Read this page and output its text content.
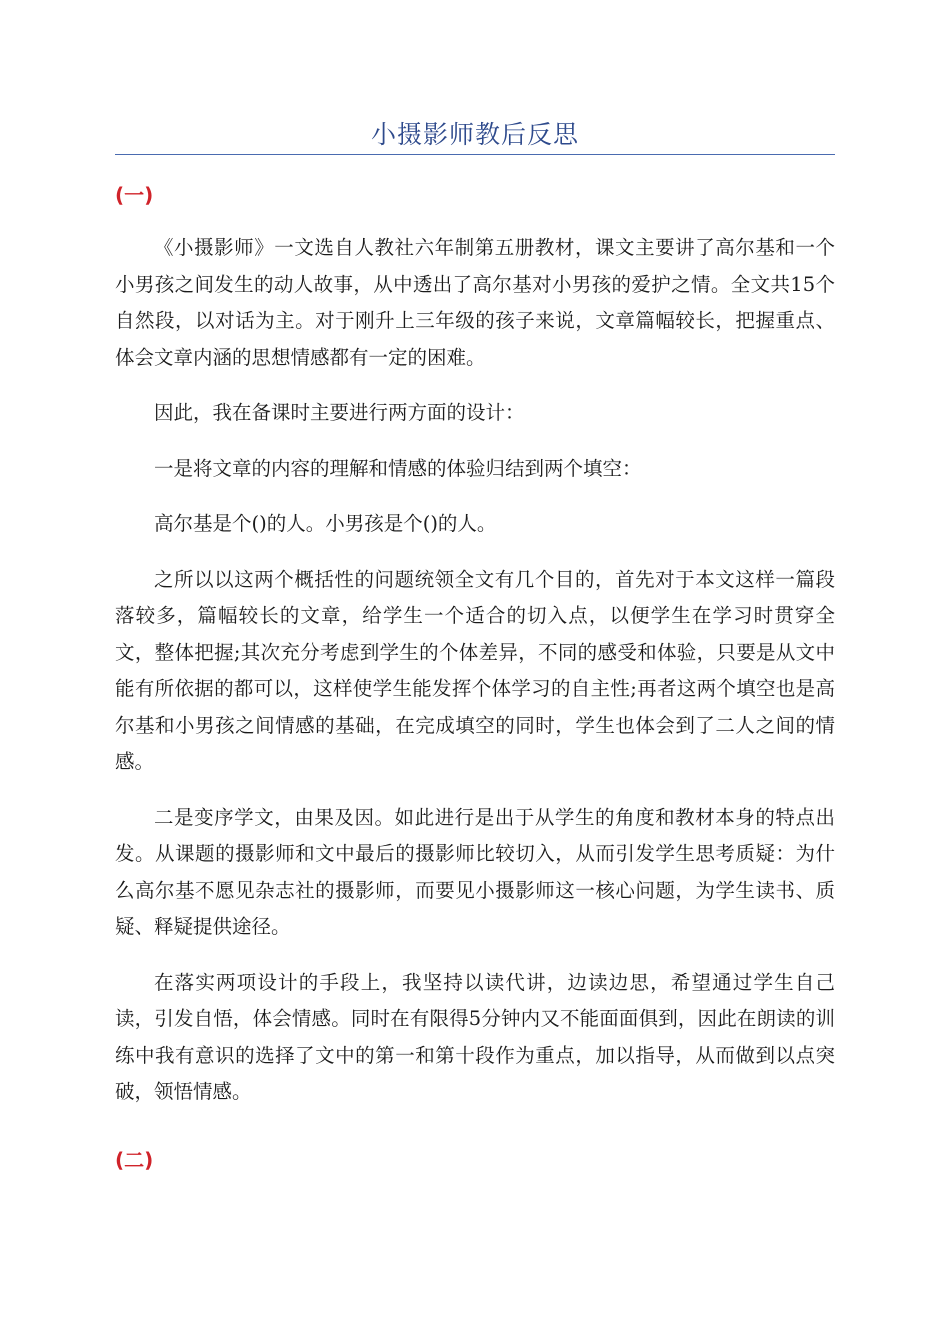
小摄影师教后反思
(一)

《小摄影师》一文选自人教社六年制第五册教材，课文主要讲了高尔基和一个小男孩之间发生的动人故事，从中透出了高尔基对小男孩的爱护之情。全文共15个自然段，以对话为主。对于刚升上三年级的孩子来说，文章篇幅较长，把握重点、体会文章内涵的思想情感都有一定的困难。

因此，我在备课时主要进行两方面的设计：

一是将文章的内容的理解和情感的体验归结到两个填空：

高尔基是个()的人。小男孩是个()的人。

之所以以这两个概括性的问题统领全文有几个目的，首先对于本文这样一篇段落较多，篇幅较长的文章，给学生一个适合的切入点，以便学生在学习时贯穿全文，整体把握;其次充分考虑到学生的个体差异，不同的感受和体验，只要是从文中能有所依据的都可以，这样使学生能发挥个体学习的自主性;再者这两个填空也是高尔基和小男孩之间情感的基础，在完成填空的同时，学生也体会到了二人之间的情感。

二是变序学文，由果及因。如此进行是出于从学生的角度和教材本身的特点出发。从课题的摄影师和文中最后的摄影师比较切入，从而引发学生思考质疑：为什么高尔基不愿见杂志社的摄影师，而要见小摄影师这一核心问题，为学生读书、质疑、释疑提供途径。

在落实两项设计的手段上，我坚持以读代讲，边读边思，希望通过学生自己读，引发自悟，体会情感。同时在有限得5分钟内又不能面面俱到，因此在朗读的训练中我有意识的选择了文中的第一和第十段作为重点，加以指导，从而做到以点突破，领悟情感。

(二)
